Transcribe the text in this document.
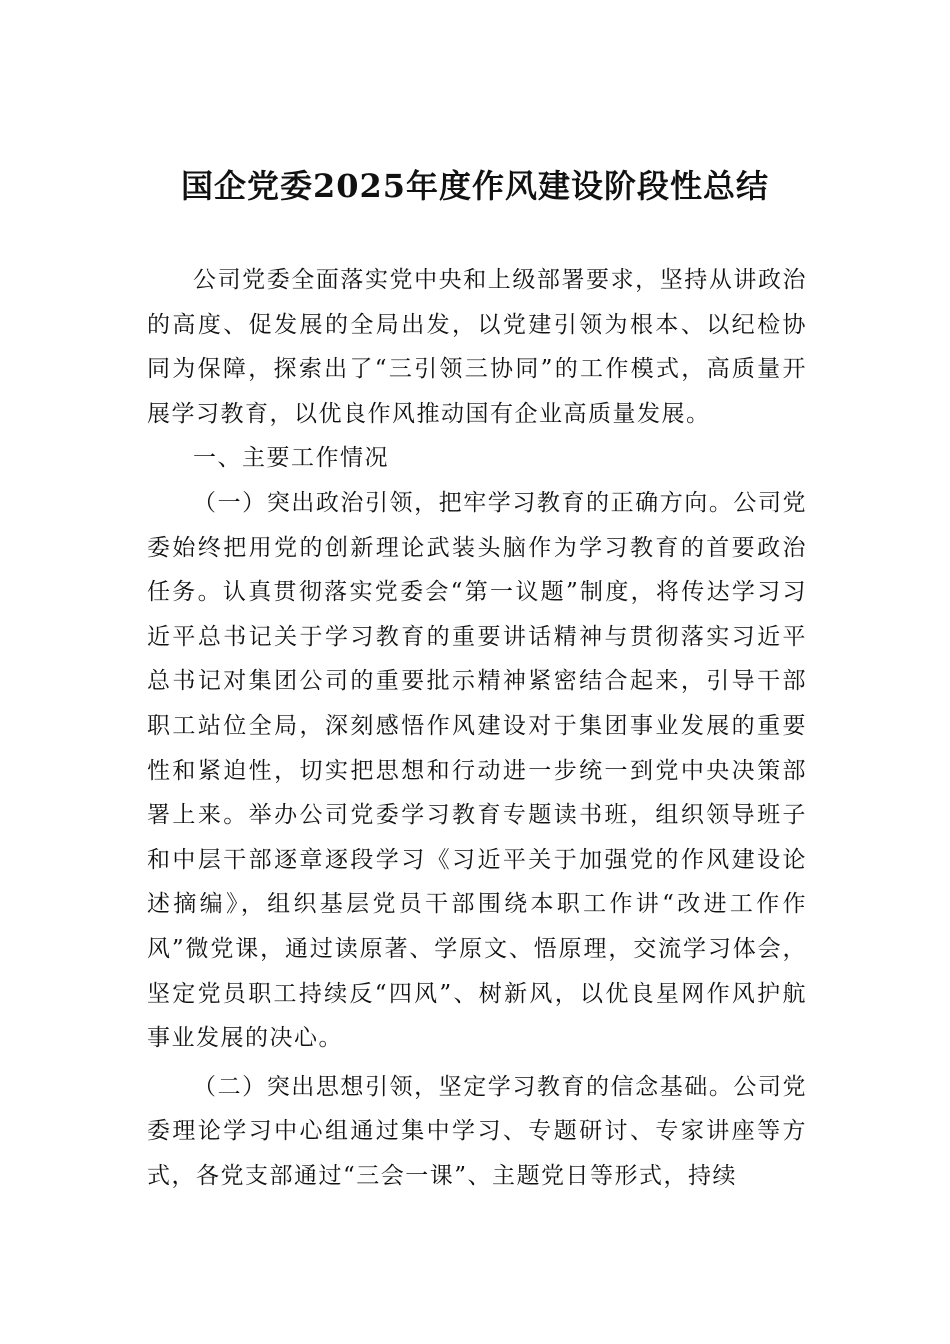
国企党委2025年度作风建设阶段性总结

公司党委全面落实党中央和上级部署要求，坚持从讲政治的高度、促发展的全局出发，以党建引领为根本、以纪检协同为保障，探索出了“三引领三协同”的工作模式，高质量开展学习教育，以优良作风推动国有企业高质量发展。

一、主要工作情况

（一）突出政治引领，把牢学习教育的正确方向。公司党委始终把用党的创新理论武装头脑作为学习教育的首要政治任务。认真贯彻落实党委会“第一议题”制度，将传达学习习近平总书记关于学习教育的重要讲话精神与贯彻落实习近平总书记对集团公司的重要批示精神紧密结合起来，引导干部职工站位全局，深刻感悟作风建设对于集团事业发展的重要性和紧迫性，切实把思想和行动进一步统一到党中央决策部署上来。举办公司党委学习教育专题读书班，组织领导班子和中层干部逐章逐段学习《习近平关于加强党的作风建设论述摘编》，组织基层党员干部围绕本职工作讲“改进工作作风”微党课，通过读原著、学原文、悟原理，交流学习体会，坚定党员职工持续反“四风”、树新风，以优良星网作风护航事业发展的决心。

（二）突出思想引领，坚定学习教育的信念基础。公司党委理论学习中心组通过集中学习、专题研讨、专家讲座等方式，各党支部通过“三会一课”、主题党日等形式，持续
